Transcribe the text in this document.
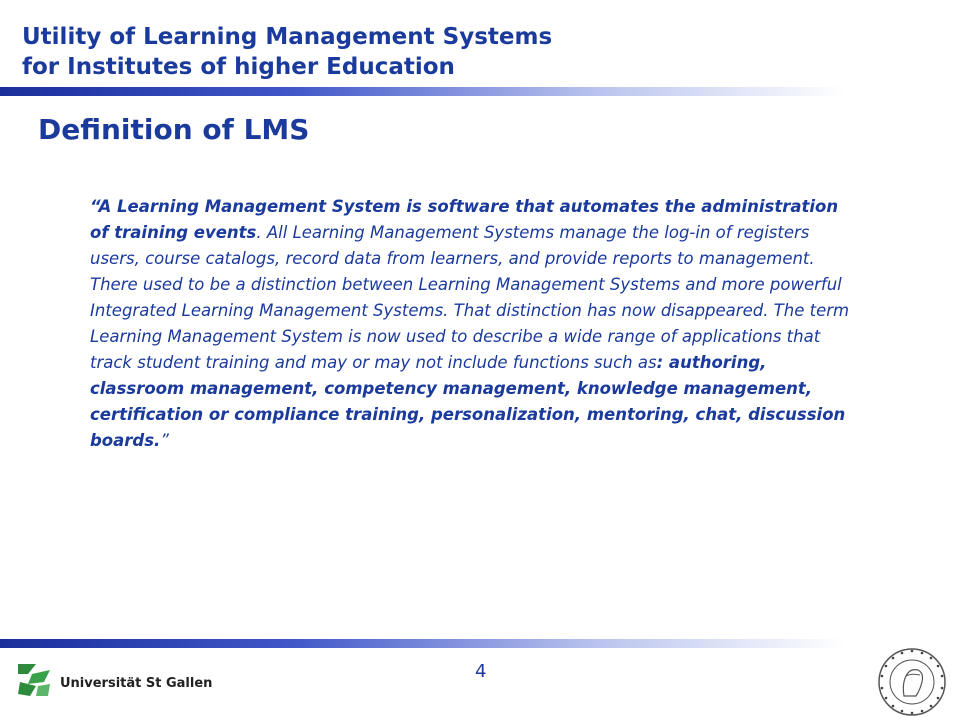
Utility of Learning Management Systems
for Institutes of higher Education
Definition of LMS
“A Learning Management System is software that automates the administration of training events. All Learning Management Systems manage the log-in of registers users, course catalogs, record data from learners, and provide reports to management. There used to be a distinction between Learning Management Systems and more powerful Integrated Learning Management Systems. That distinction has now disappeared. The term Learning Management System is now used to describe a wide range of applications that track student training and may or may not include functions such as: authoring, classroom management, competency management, knowledge management, certification or compliance training, personalization, mentoring, chat, discussion boards.”
4
Universität St Gallen
